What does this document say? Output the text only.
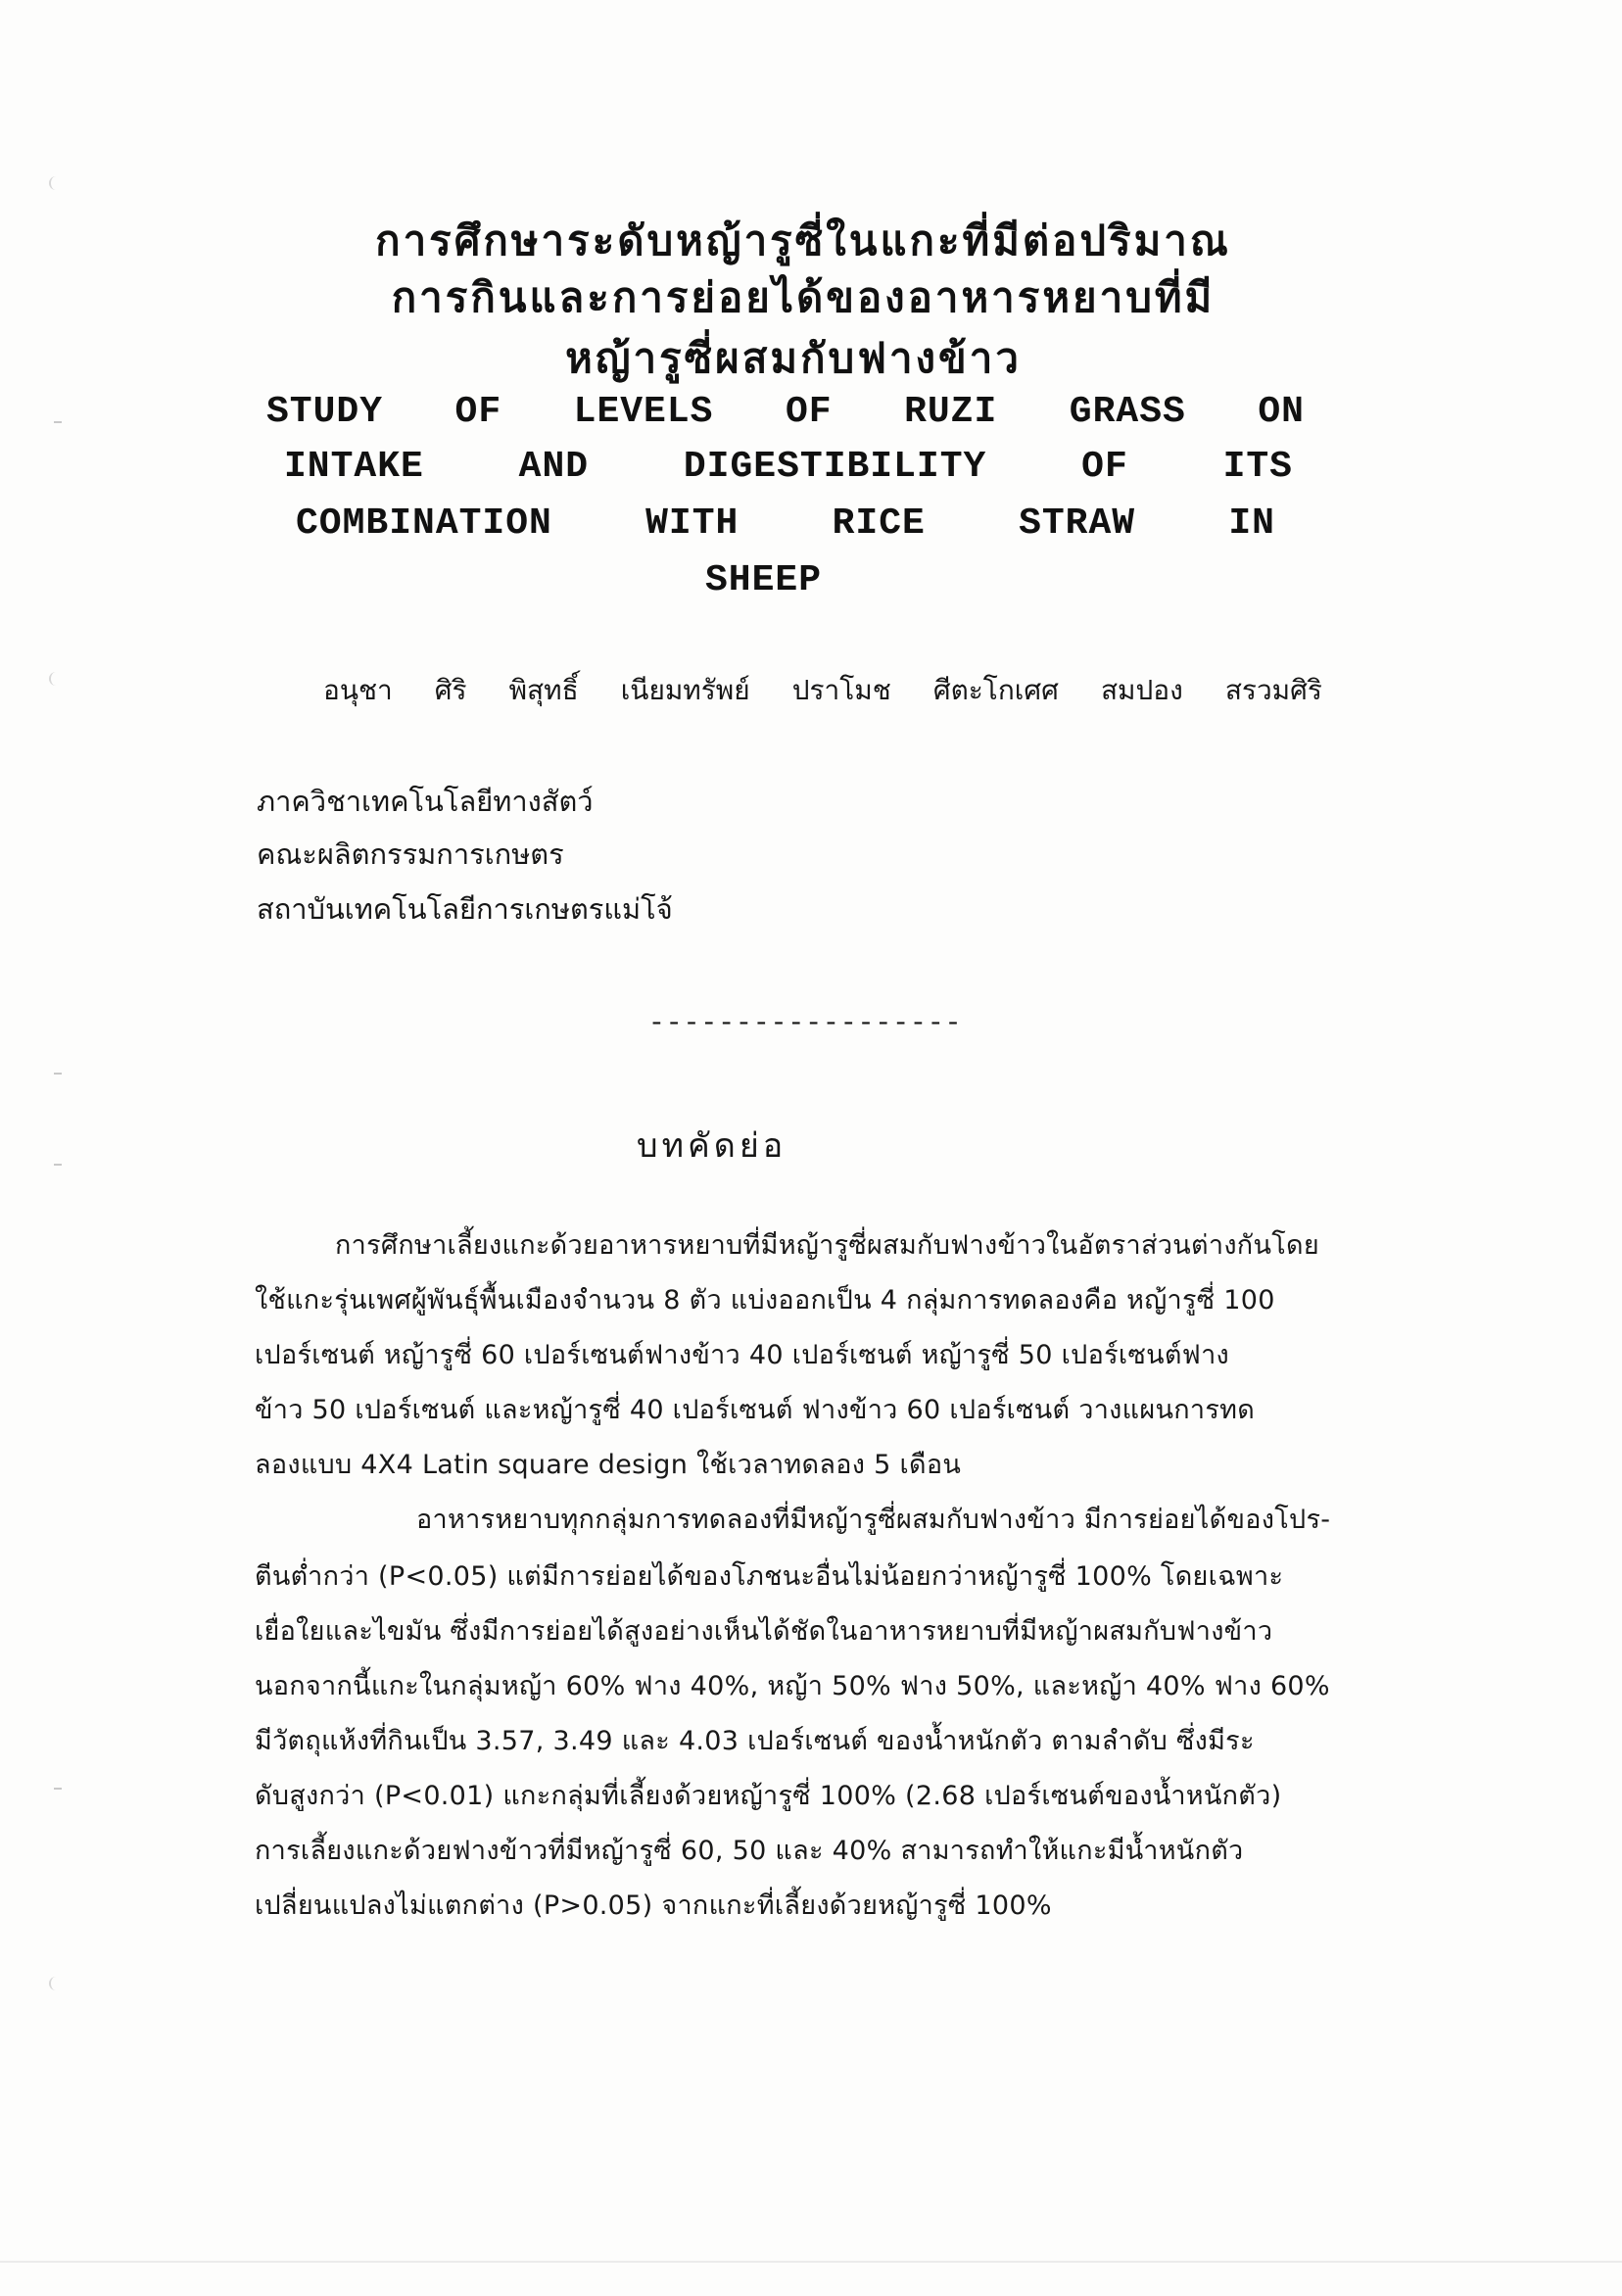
การศึกษาระดับหญ้ารูซี่ในแกะที่มีต่อปริมาณ
การกินและการย่อยได้ของอาหารหยาบที่มี
หญ้ารูซี่ผสมกับฟางข้าว
STUDY OF LEVELS OF RUZI GRASS ON
INTAKE	AND	DIGESTIBILITY	OF	ITS
COMBINATION	WITH	RICE	STRAW	IN
SHEEP
อนุชา ศิริ พิสุทธิ์ เนียมทรัพย์ ปราโมช ศีตะโกเศศ สมปอง สรวมศิริ
ภาควิชาเทคโนโลยีทางสัตว์
คณะผลิตกรรมการเกษตร
สถาบันเทคโนโลยีการเกษตรแม่โจ้
------------------
บทคัดย่อ
การศึกษาเลี้ยงแกะด้วยอาหารหยาบที่มีหญ้ารูซี่ผสมกับฟางข้าวในอัตราส่วนต่างกันโดย
ใช้แกะรุ่นเพศผู้พันธุ์พื้นเมืองจำนวน 8 ตัว แบ่งออกเป็น 4 กลุ่มการทดลองคือ หญ้ารูซี่ 100
เปอร์เซนต์ หญ้ารูซี่ 60 เปอร์เซนต์ฟางข้าว 40 เปอร์เซนต์ หญ้ารูซี่ 50 เปอร์เซนต์ฟาง
ข้าว 50 เปอร์เซนต์ และหญ้ารูซี่ 40 เปอร์เซนต์ ฟางข้าว 60 เปอร์เซนต์ วางแผนการทด
ลองแบบ 4X4 Latin square design ใช้เวลาทดลอง 5 เดือน
อาหารหยาบทุกกลุ่มการทดลองที่มีหญ้ารูซี่ผสมกับฟางข้าว มีการย่อยได้ของโปร-
ตีนต่ำกว่า (P<0.05) แต่มีการย่อยได้ของโภชนะอื่นไม่น้อยกว่าหญ้ารูซี่ 100% โดยเฉพาะ
เยื่อใยและไขมัน ซึ่งมีการย่อยได้สูงอย่างเห็นได้ชัดในอาหารหยาบที่มีหญ้าผสมกับฟางข้าว
นอกจากนี้แกะในกลุ่มหญ้า 60% ฟาง 40%, หญ้า 50% ฟาง 50%, และหญ้า 40% ฟาง 60%
มีวัตถุแห้งที่กินเป็น 3.57, 3.49 และ 4.03 เปอร์เซนต์ ของน้ำหนักตัว ตามลำดับ ซึ่งมีระ
ดับสูงกว่า (P<0.01) แกะกลุ่มที่เลี้ยงด้วยหญ้ารูซี่ 100% (2.68 เปอร์เซนต์ของน้ำหนักตัว)
การเลี้ยงแกะด้วยฟางข้าวที่มีหญ้ารูซี่ 60, 50 และ 40% สามารถทำให้แกะมีน้ำหนักตัว
เปลี่ยนแปลงไม่แตกต่าง (P>0.05) จากแกะที่เลี้ยงด้วยหญ้ารูซี่ 100%
